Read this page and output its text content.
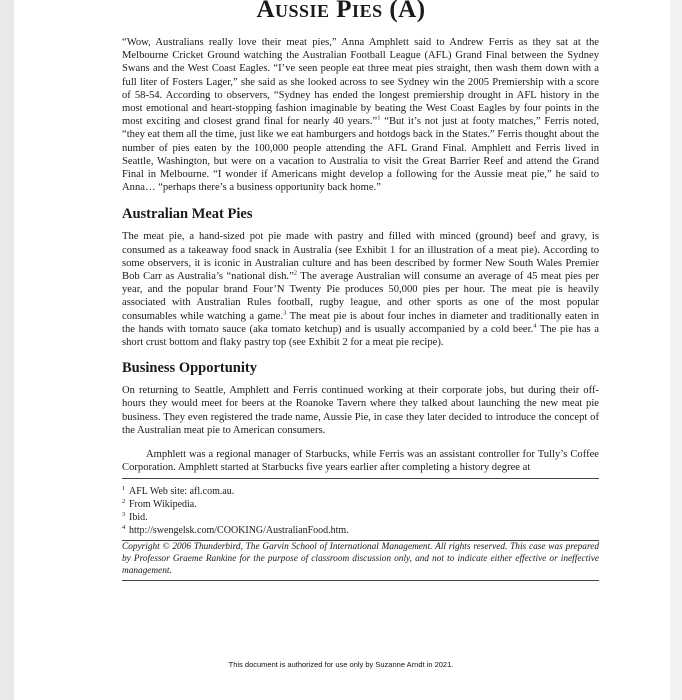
Aussie Pies (A)

“Wow, Australians really love their meat pies,” Anna Amphlett said to Andrew Ferris as they sat at the Melbourne Cricket Ground watching the Australian Football League (AFL) Grand Final between the Sydney Swans and the West Coast Eagles. “I’ve seen people eat three meat pies straight, then wash them down with a full liter of Fosters Lager,” she said as she looked across to see Sydney win the 2005 Premiership with a score of 58-54. According to observers, “Sydney has ended the longest premiership drought in AFL history in the most emotional and heart-stopping fashion imaginable by beating the West Coast Eagles by four points in the most exciting and closest grand final for nearly 40 years.”$^1$ “But it’s not just at footy matches,” Ferris noted, “they eat them all the time, just like we eat hamburgers and hotdogs back in the States.” Ferris thought about the number of pies eaten by the 100,000 people attending the AFL Grand Final. Amphlett and Ferris lived in Seattle, Washington, but were on a vacation to Australia to visit the Great Barrier Reef and attend the Grand Final in Melbourne. “I wonder if Americans might develop a following for the Aussie meat pie,” he said to Anna… “perhaps there’s a business opportunity back home.”

Australian Meat Pies

The meat pie, a hand-sized pot pie made with pastry and filled with minced (ground) beef and gravy, is consumed as a takeaway food snack in Australia (see Exhibit 1 for an illustration of a meat pie). According to some observers, it is iconic in Australian culture and has been described by former New South Wales Premier Bob Carr as Australia’s “national dish.”$^2$ The average Australian will consume an average of 45 meat pies per year, and the popular brand Four’N Twenty Pie produces 50,000 pies per hour. The meat pie is heavily associated with Australian Rules football, rugby league, and other sports as one of the most popular consumables while watching a game.$^3$ The meat pie is about four inches in diameter and traditionally eaten in the hands with tomato sauce (aka tomato ketchup) and is usually accompanied by a cold beer.$^4$ The pie has a short crust bottom and flaky pastry top (see Exhibit 2 for a meat pie recipe).

Business Opportunity

On returning to Seattle, Amphlett and Ferris continued working at their corporate jobs, but during their off-hours they would meet for beers at the Roanoke Tavern where they talked about launching the new meat pie business. They even registered the trade name, Aussie Pie, in case they later decided to introduce the concept of the Australian meat pie to American consumers.

Amphlett was a regional manager of Starbucks, while Ferris was an assistant controller for Tully’s Coffee Corporation. Amphlett started at Starbucks five years earlier after completing a history degree at

1 AFL Web site: afl.com.au.
2 From Wikipedia.
3 Ibid.
4 http://swengelsk.com/COOKING/AustralianFood.htm.

Copyright © 2006 Thunderbird, The Garvin School of International Management. All rights reserved. This case was prepared by Professor Graeme Rankine for the purpose of classroom discussion only, and not to indicate either effective or ineffective management.

This document is authorized for use only by Suzanne Arndt in 2021.
